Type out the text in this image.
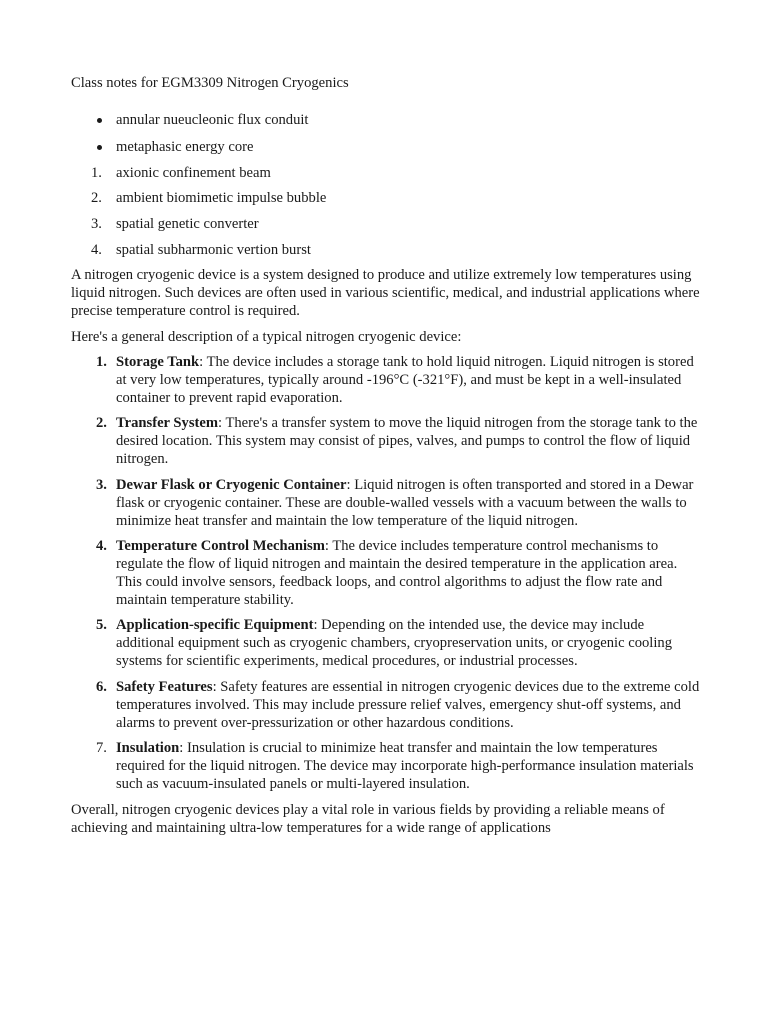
Class notes for EGM3309 Nitrogen Cryogenics
annular nueucleonic flux conduit
metaphasic energy core
1. axionic confinement beam
2. ambient biomimetic impulse bubble
3. spatial genetic converter
4. spatial subharmonic vertion burst
A nitrogen cryogenic device is a system designed to produce and utilize extremely low temperatures using liquid nitrogen. Such devices are often used in various scientific, medical, and industrial applications where precise temperature control is required.
Here's a general description of a typical nitrogen cryogenic device:
1. Storage Tank: The device includes a storage tank to hold liquid nitrogen. Liquid nitrogen is stored at very low temperatures, typically around -196°C (-321°F), and must be kept in a well-insulated container to prevent rapid evaporation.
2. Transfer System: There's a transfer system to move the liquid nitrogen from the storage tank to the desired location. This system may consist of pipes, valves, and pumps to control the flow of liquid nitrogen.
3. Dewar Flask or Cryogenic Container: Liquid nitrogen is often transported and stored in a Dewar flask or cryogenic container. These are double-walled vessels with a vacuum between the walls to minimize heat transfer and maintain the low temperature of the liquid nitrogen.
4. Temperature Control Mechanism: The device includes temperature control mechanisms to regulate the flow of liquid nitrogen and maintain the desired temperature in the application area. This could involve sensors, feedback loops, and control algorithms to adjust the flow rate and maintain temperature stability.
5. Application-specific Equipment: Depending on the intended use, the device may include additional equipment such as cryogenic chambers, cryopreservation units, or cryogenic cooling systems for scientific experiments, medical procedures, or industrial processes.
6. Safety Features: Safety features are essential in nitrogen cryogenic devices due to the extreme cold temperatures involved. This may include pressure relief valves, emergency shut-off systems, and alarms to prevent over-pressurization or other hazardous conditions.
7. Insulation: Insulation is crucial to minimize heat transfer and maintain the low temperatures required for the liquid nitrogen. The device may incorporate high-performance insulation materials such as vacuum-insulated panels or multi-layered insulation.
Overall, nitrogen cryogenic devices play a vital role in various fields by providing a reliable means of achieving and maintaining ultra-low temperatures for a wide range of applications
